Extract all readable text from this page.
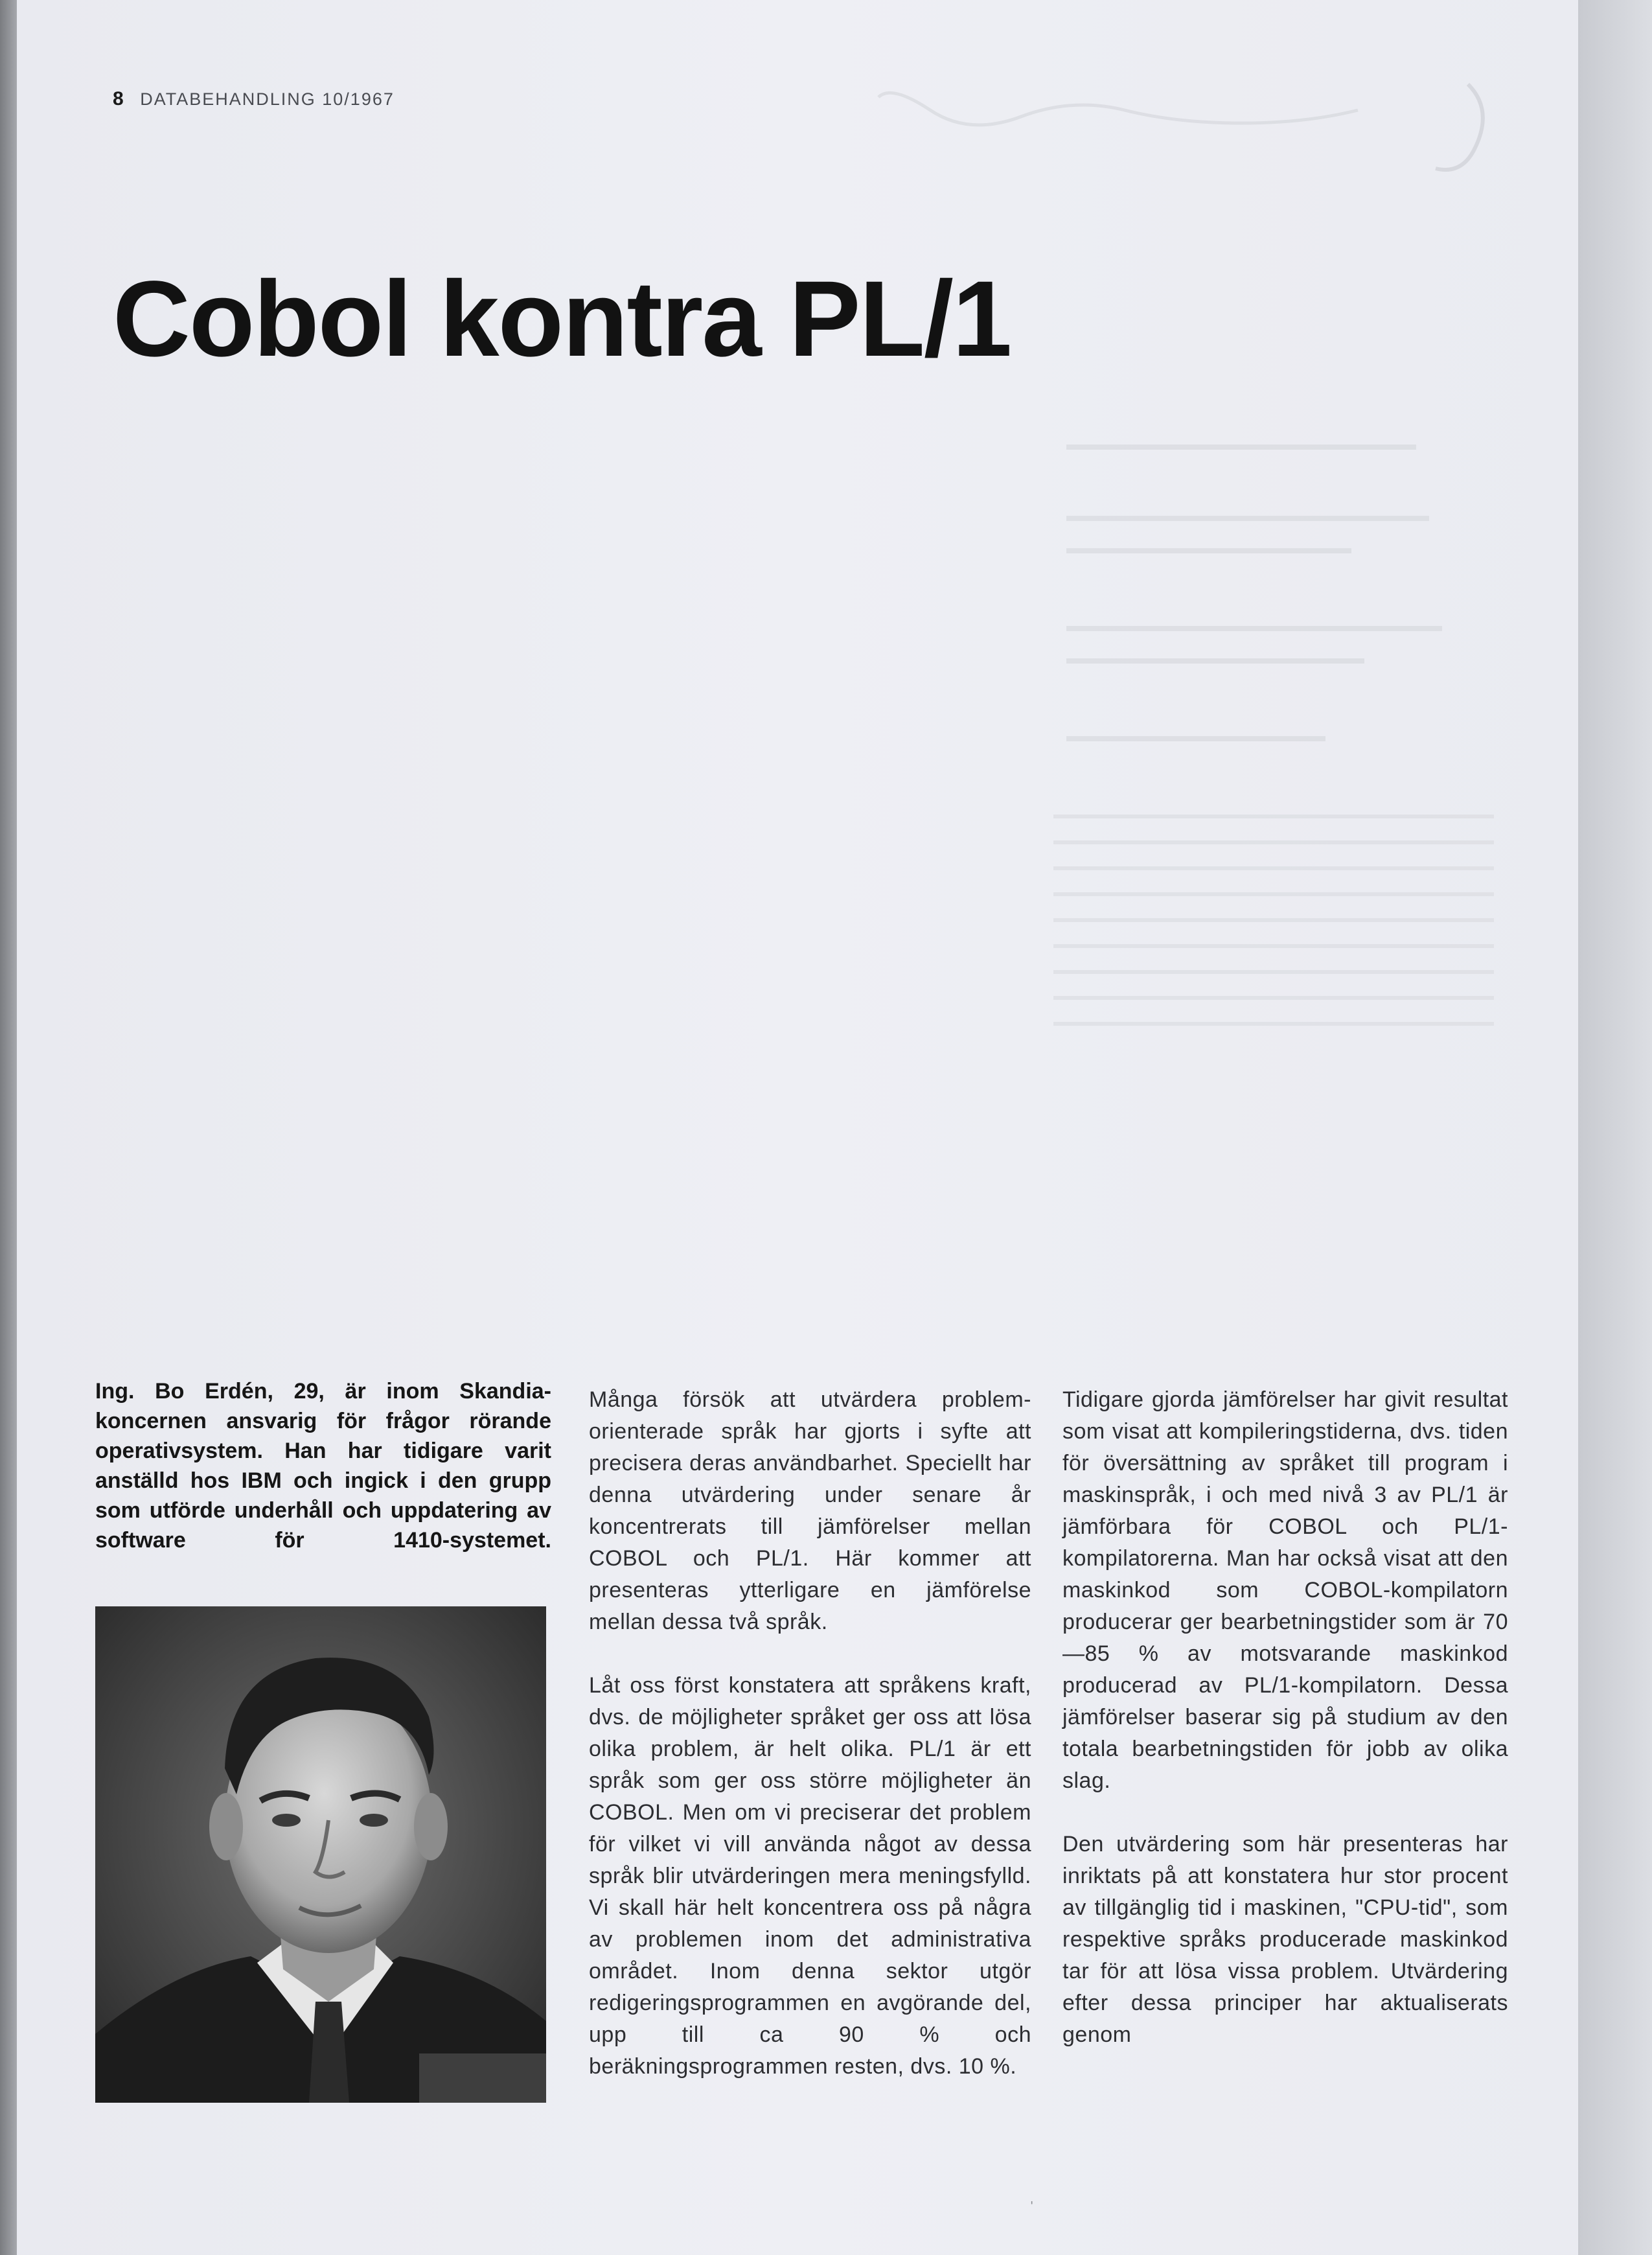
8 DATABEHANDLING 10/1967
Cobol kontra PL/1
Ing. Bo Erdén, 29, är inom Skandia-koncernen ansvarig för frågor rörande operativsystem. Han har tidigare varit anställd hos IBM och ingick i den grupp som utförde underhåll och uppdatering av software för 1410-systemet.

Många försök att utvärdera problem-orienterade språk har gjorts i syfte att precisera deras användbarhet. Speciellt har denna utvärdering under senare år koncentrerats till jämförelser mellan COBOL och PL/1. Här kommer att presenteras ytterligare en jämförelse mellan dessa två språk.

Låt oss först konstatera att språkens kraft, dvs. de möjligheter språket ger oss att lösa olika problem, är helt olika. PL/1 är ett språk som ger oss större möjligheter än COBOL. Men om vi preciserar det problem för vilket vi vill använda något av dessa språk blir utvärderingen mera meningsfylld. Vi skall här helt koncentrera oss på några av problemen inom det administrativa området. Inom denna sektor utgör redigeringsprogrammen en avgörande del, upp till ca 90 % och beräkningsprogrammen resten, dvs. 10 %.

Tidigare gjorda jämförelser har givit resultat som visat att kompileringstiderna, dvs. tiden för översättning av språket till program i maskinspråk, i och med nivå 3 av PL/1 är jämförbara för COBOL och PL/1-kompilatorerna. Man har också visat att den maskinkod som COBOL-kompilatorn producerar ger bearbetningstider som är 70—85 % av motsvarande maskinkod producerad av PL/1-kompilatorn. Dessa jämförelser baserar sig på studium av den totala bearbetningstiden för jobb av olika slag.

Den utvärdering som här presenteras har inriktats på att konstatera hur stor procent av tillgänglig tid i maskinen, "CPU-tid", som respektive språks producerade maskinkod tar för att lösa vissa problem. Utvärdering efter dessa principer har aktualiserats genom

ˈ
